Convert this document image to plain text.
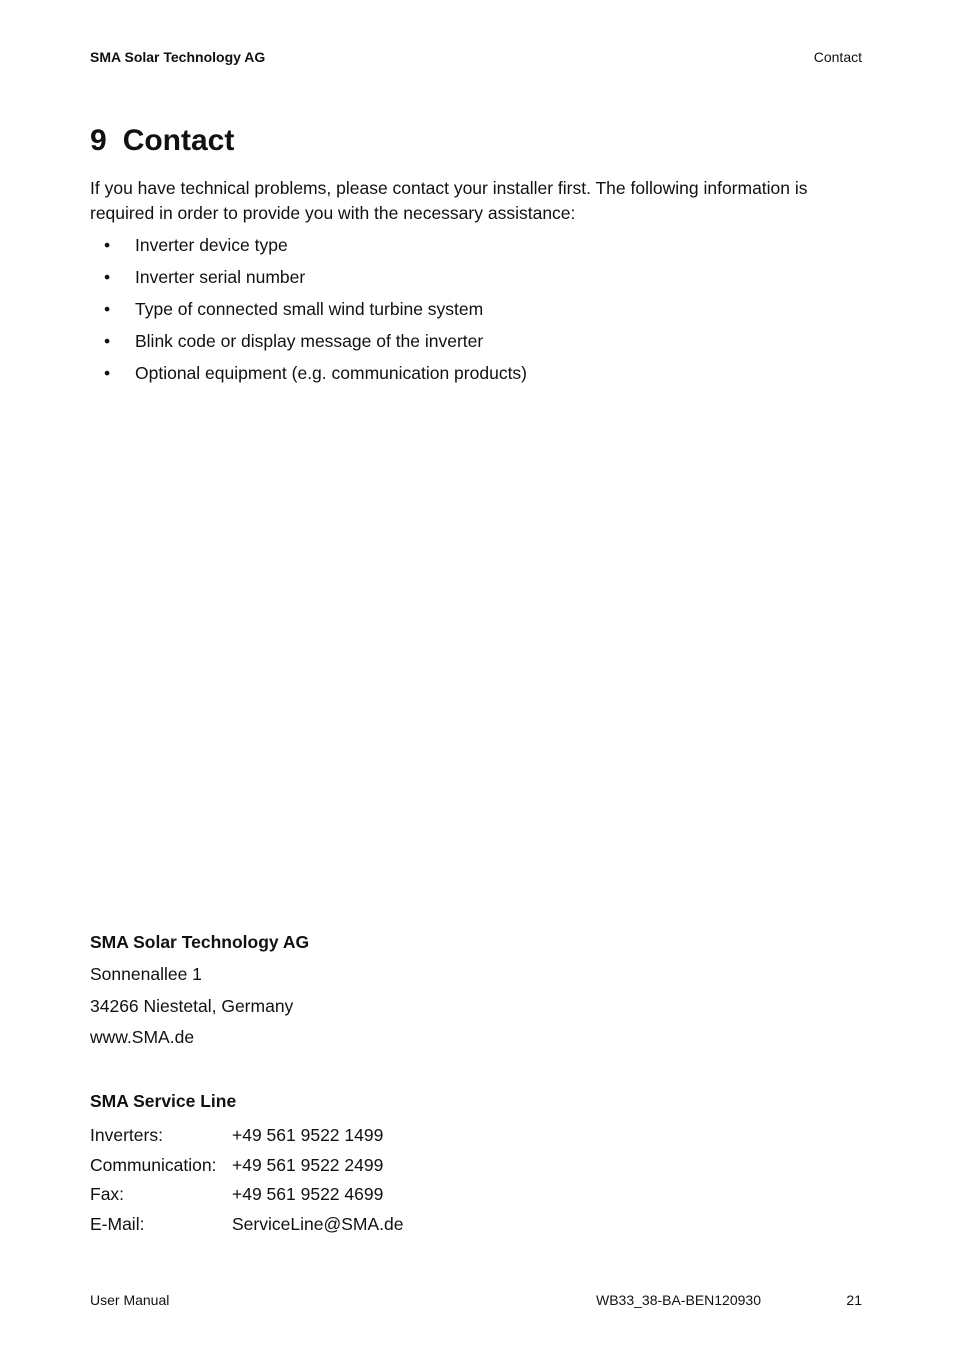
SMA Solar Technology AG	Contact
9 Contact

If you have technical problems, please contact your installer first. The following information is required in order to provide you with the necessary assistance:

• Inverter device type
• Inverter serial number
• Type of connected small wind turbine system
• Blink code or display message of the inverter
• Optional equipment (e.g. communication products)
SMA Solar Technology AG
Sonnenallee 1
34266 Niestetal, Germany
www.SMA.de
SMA Service Line
Inverters:	+49 561 9522 1499
Communication:	+49 561 9522 2499
Fax:	+49 561 9522 4699
E-Mail:	ServiceLine@SMA.de
User Manual	WB33_38-BA-BEN120930	21
